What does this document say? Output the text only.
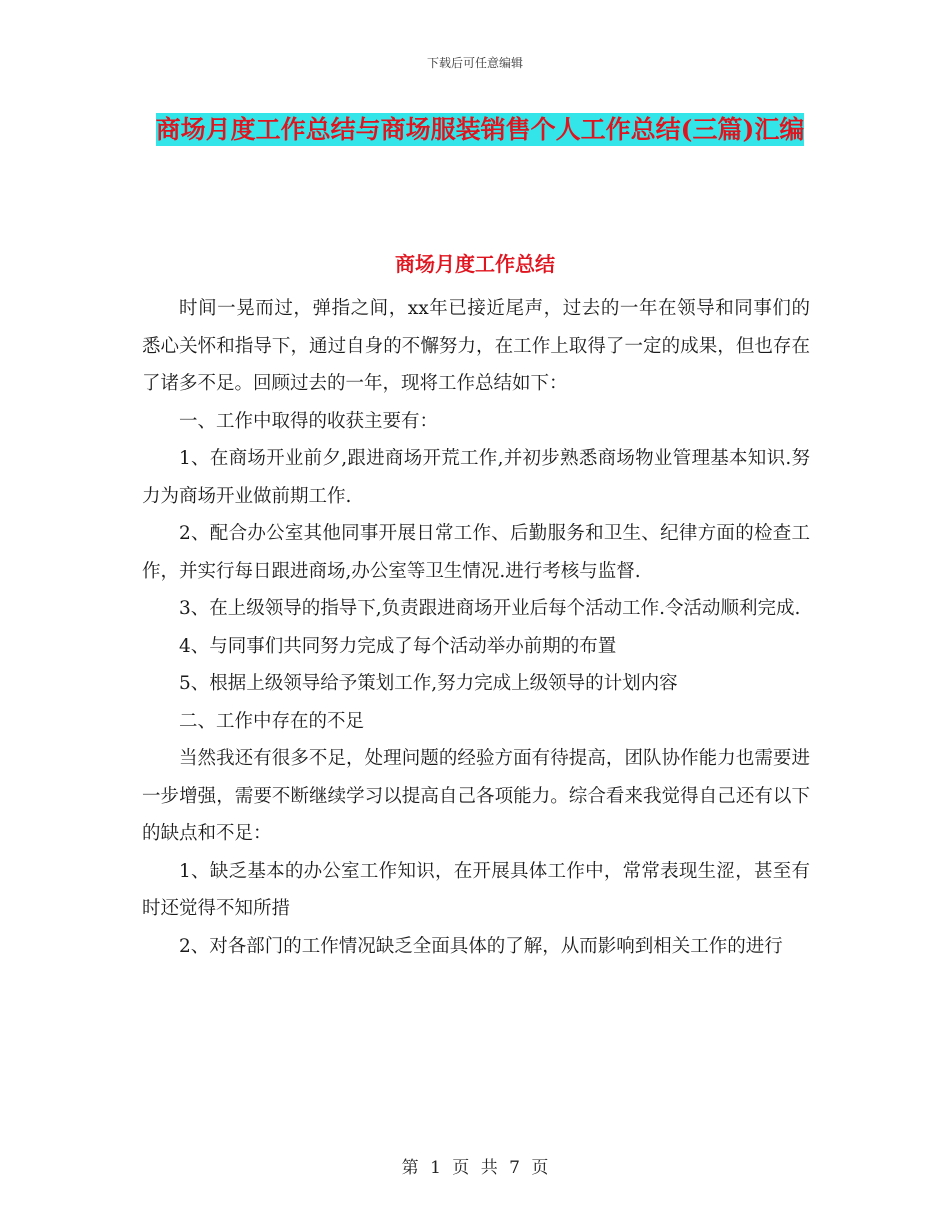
下载后可任意编辑
商场月度工作总结与商场服装销售个人工作总结(三篇)汇编
商场月度工作总结

时间一晃而过，弹指之间，xx年已接近尾声，过去的一年在领导和同事们的悉心关怀和指导下，通过自身的不懈努力，在工作上取得了一定的成果，但也存在了诸多不足。回顾过去的一年，现将工作总结如下：

一、工作中取得的收获主要有：

1、在商场开业前夕,跟进商场开荒工作,并初步熟悉商场物业管理基本知识.努力为商场开业做前期工作.

2、配合办公室其他同事开展日常工作、后勤服务和卫生、纪律方面的检查工作，并实行每日跟进商场,办公室等卫生情况.进行考核与监督.

3、在上级领导的指导下,负责跟进商场开业后每个活动工作.令活动顺利完成.

4、与同事们共同努力完成了每个活动举办前期的布置

5、根据上级领导给予策划工作,努力完成上级领导的计划内容

二、工作中存在的不足

当然我还有很多不足，处理问题的经验方面有待提高，团队协作能力也需要进一步增强，需要不断继续学习以提高自己各项能力。综合看来我觉得自己还有以下的缺点和不足：

1、缺乏基本的办公室工作知识，在开展具体工作中，常常表现生涩，甚至有时还觉得不知所措

2、对各部门的工作情况缺乏全面具体的了解，从而影响到相关工作的进行

第 1 页 共 7 页
